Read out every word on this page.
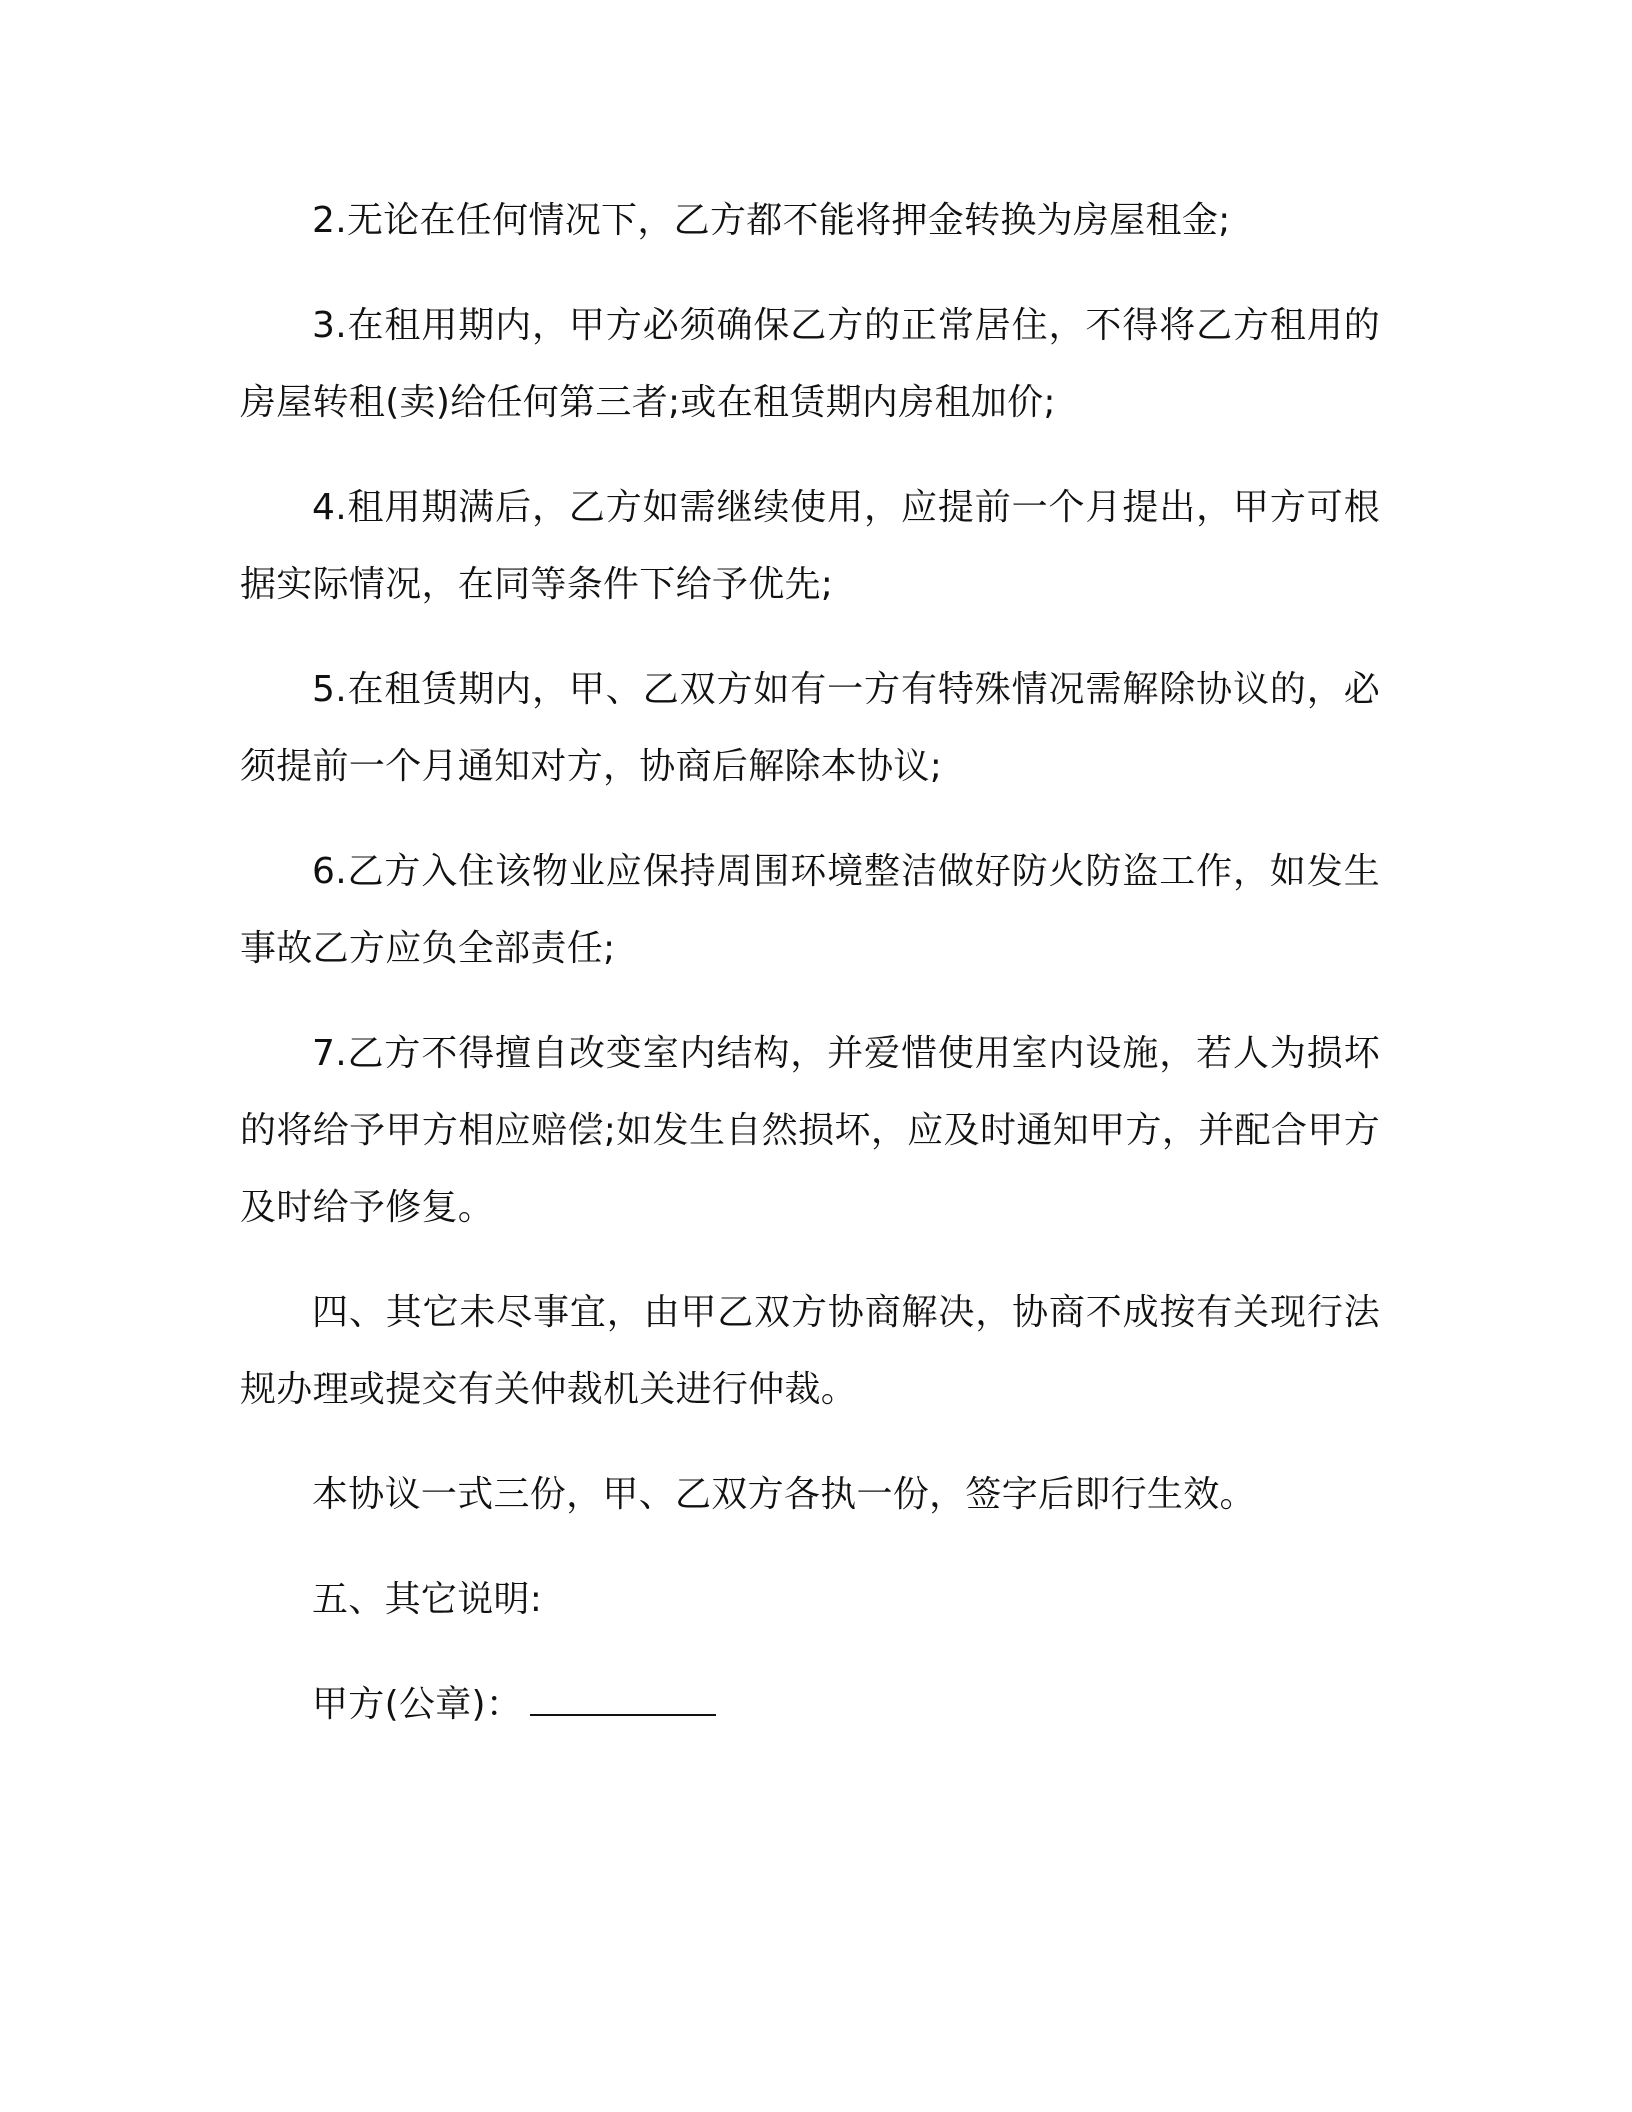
2.无论在任何情况下，乙方都不能将押金转换为房屋租金;

3.在租用期内，甲方必须确保乙方的正常居住，不得将乙方租用的房屋转租(卖)给任何第三者;或在租赁期内房租加价;

4.租用期满后，乙方如需继续使用，应提前一个月提出，甲方可根据实际情况，在同等条件下给予优先;

5.在租赁期内，甲、乙双方如有一方有特殊情况需解除协议的，必须提前一个月通知对方，协商后解除本协议;

6.乙方入住该物业应保持周围环境整洁做好防火防盗工作，如发生事故乙方应负全部责任;

7.乙方不得擅自改变室内结构，并爱惜使用室内设施，若人为损坏的将给予甲方相应赔偿;如发生自然损坏，应及时通知甲方，并配合甲方及时给予修复。

四、其它未尽事宜，由甲乙双方协商解决，协商不成按有关现行法规办理或提交有关仲裁机关进行仲裁。

本协议一式三份，甲、乙双方各执一份，签字后即行生效。

五、其它说明:

甲方(公章)：
